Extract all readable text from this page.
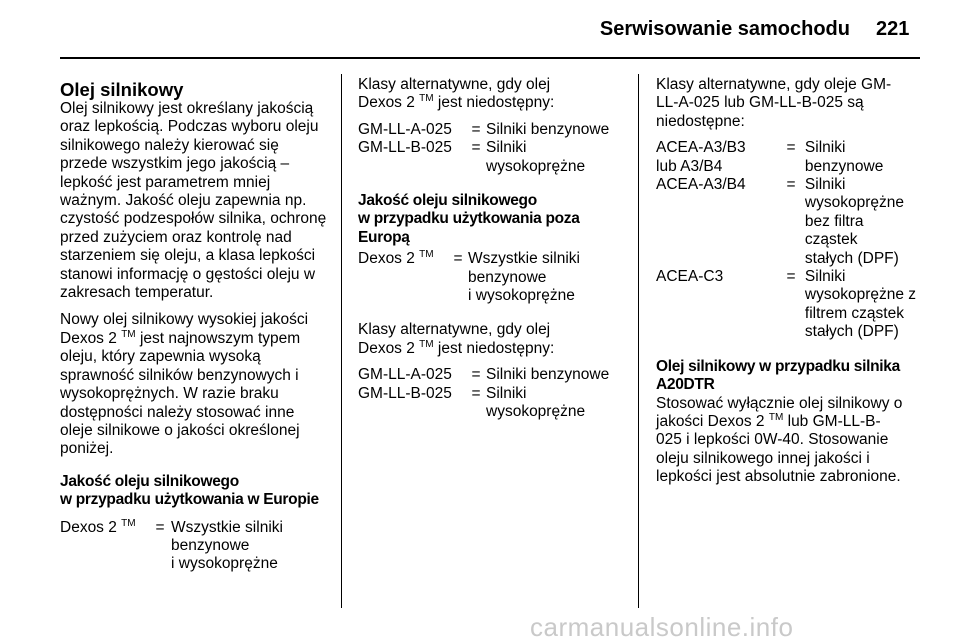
Serwisowanie samochodu 221

Olej silnikowy

Olej silnikowy jest określany jakością oraz lepkością. Podczas wyboru oleju silnikowego należy kierować się przede wszystkim jego jakością – lepkość jest parametrem mniej ważnym. Jakość oleju zapewnia np. czystość podzespołów silnika, ochronę przed zużyciem oraz kontrolę nad starzeniem się oleju, a klasa lepkości stanowi informację o gęstości oleju w zakresach temperatur.

Nowy olej silnikowy wysokiej jakości Dexos 2 ™ jest najnowszym typem oleju, który zapewnia wysoką sprawność silników benzynowych i wysokoprężnych. W razie braku dostępności należy stosować inne oleje silnikowe o jakości określonej poniżej.

Jakość oleju silnikowego
w przypadku użytkowania w Europie

Dexos 2 ™	=	Wszystkie silniki
benzynowe
i wysokoprężne

Klasy alternatywne, gdy olej
Dexos 2 ™ jest niedostępny:

GM-LL-A-025	=	Silniki benzynowe
GM-LL-B-025	=	Silniki
wysokoprężne

Jakość oleju silnikowego
w przypadku użytkowania poza
Europą

Dexos 2 ™	=	Wszystkie silniki
benzynowe
i wysokoprężne

Klasy alternatywne, gdy olej
Dexos 2 ™ jest niedostępny:

GM-LL-A-025	=	Silniki benzynowe
GM-LL-B-025	=	Silniki
wysokoprężne

Klasy alternatywne, gdy oleje GM-LL-A-025 lub GM-LL-B-025 są niedostępne:

ACEA-A3/B3 lub A3/B4	=	Silniki benzynowe
ACEA-A3/B4	=	Silniki wysokoprężne bez filtra cząstek stałych (DPF)
ACEA-C3	=	Silniki wysokoprężne z filtrem cząstek stałych (DPF)

Olej silnikowy w przypadku silnika
A20DTR

Stosować wyłącznie olej silnikowy o jakości Dexos 2 ™ lub GM-LL-B-025 i lepkości 0W-40. Stosowanie oleju silnikowego innej jakości i lepkości jest absolutnie zabronione.

carmanualsonline.info
